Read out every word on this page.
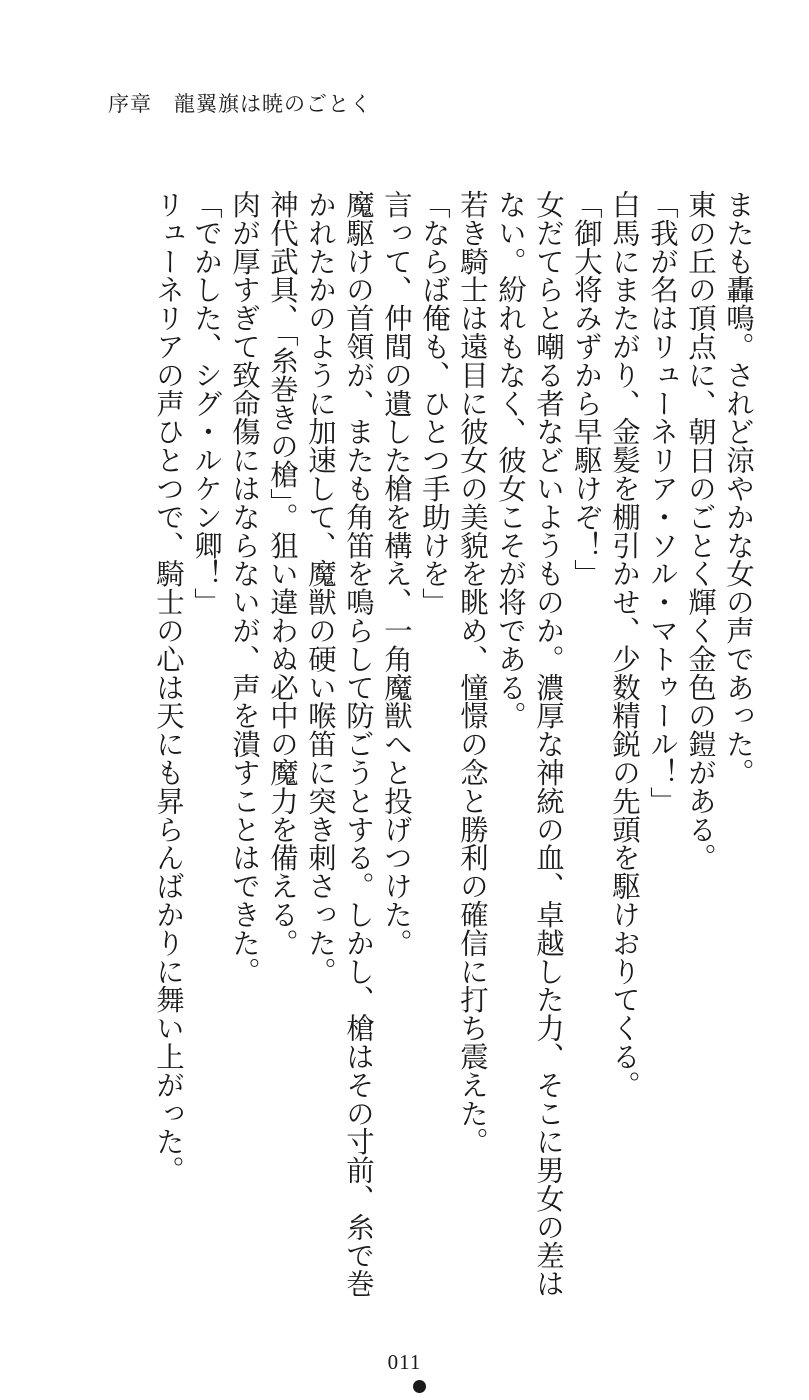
序章　龍翼旗は暁のごとく

またも轟鳴。されど涼やかな女の声であった。

東の丘の頂点に、朝日のごとく輝く金色の鎧がある。

「我が名はリューネリア・ソル・マトゥール！」

白馬にまたがり、金髪を棚引かせ、少数精鋭の先頭を駆けおりてくる。

「御大将みずから早駆けぞ！」

女だてらと嘲る者などいようものか。濃厚な神統の血、卓越した力、そこに男女の差は

ない。紛れもなく、彼女こそが将である。

若き騎士は遠目に彼女の美貌を眺め、憧憬の念と勝利の確信に打ち震えた。

「ならば俺も、ひとつ手助けを」

言って、仲間の遺した槍を構え、一角魔獣へと投げつけた。

魔駆けの首領が、またも角笛を鳴らして防ごうとする。しかし、槍はその寸前、糸で巻

かれたかのように加速して、魔獣の硬い喉笛に突き刺さった。

神代武具、「糸巻きの槍」。狙い違わぬ必中の魔力を備える。

肉が厚すぎて致命傷にはならないが、声を潰すことはできた。

「でかした、シグ・ルケン卿！」

リューネリアの声ひとつで、騎士の心は天にも昇らんばかりに舞い上がった。

011
